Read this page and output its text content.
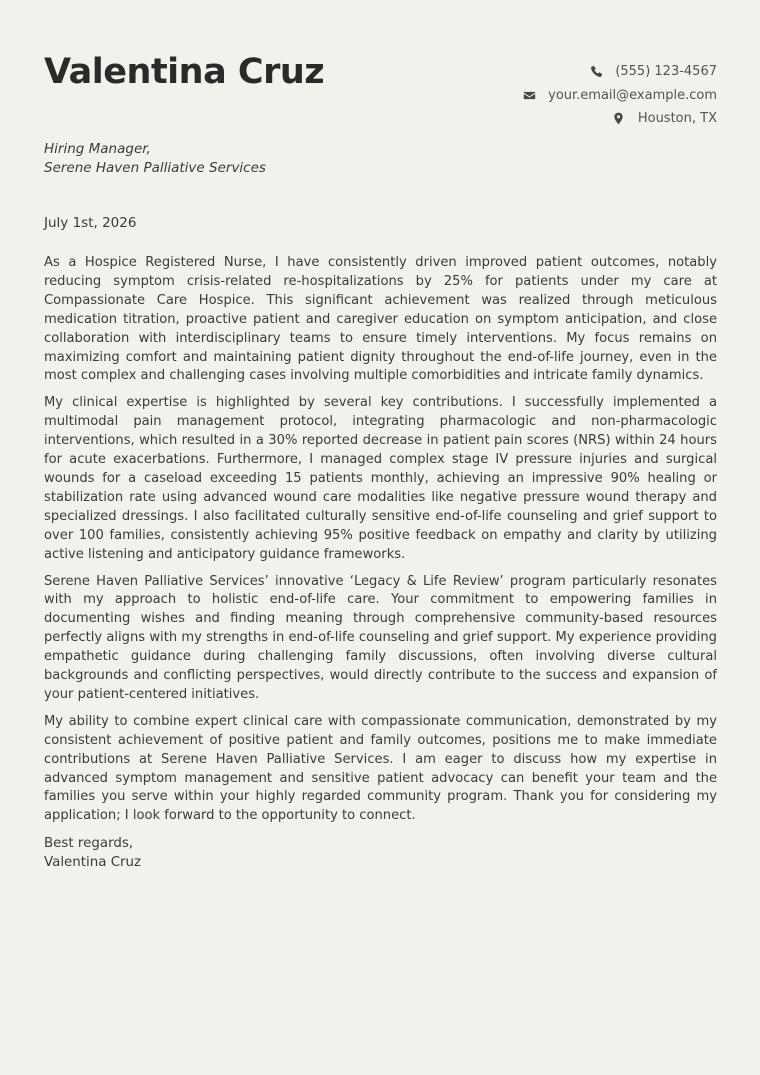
Valentina Cruz	(555) 123-4567
your.email@example.com
Houston, TX
Hiring Manager,
Serene Haven Palliative Services
July 1st, 2026

As a Hospice Registered Nurse, I have consistently driven improved patient outcomes, notably reducing symptom crisis-related re-hospitalizations by 25% for patients under my care at Compassionate Care Hospice. This significant achievement was realized through meticulous medication titration, proactive patient and caregiver education on symptom anticipation, and close collaboration with interdisciplinary teams to ensure timely interventions. My focus remains on maximizing comfort and maintaining patient dignity throughout the end-of-life journey, even in the most complex and challenging cases involving multiple comorbidities and intricate family dynamics.

My clinical expertise is highlighted by several key contributions. I successfully implemented a multimodal pain management protocol, integrating pharmacologic and non-pharmacologic interventions, which resulted in a 30% reported decrease in patient pain scores (NRS) within 24 hours for acute exacerbations. Furthermore, I managed complex stage IV pressure injuries and surgical wounds for a caseload exceeding 15 patients monthly, achieving an impressive 90% healing or stabilization rate using advanced wound care modalities like negative pressure wound therapy and specialized dressings. I also facilitated culturally sensitive end-of-life counseling and grief support to over 100 families, consistently achieving 95% positive feedback on empathy and clarity by utilizing active listening and anticipatory guidance frameworks.

Serene Haven Palliative Services’ innovative ‘Legacy & Life Review’ program particularly resonates with my approach to holistic end-of-life care. Your commitment to empowering families in documenting wishes and finding meaning through comprehensive community-based resources perfectly aligns with my strengths in end-of-life counseling and grief support. My experience providing empathetic guidance during challenging family discussions, often involving diverse cultural backgrounds and conflicting perspectives, would directly contribute to the success and expansion of your patient-centered initiatives.

My ability to combine expert clinical care with compassionate communication, demonstrated by my consistent achievement of positive patient and family outcomes, positions me to make immediate contributions at Serene Haven Palliative Services. I am eager to discuss how my expertise in advanced symptom management and sensitive patient advocacy can benefit your team and the families you serve within your highly regarded community program. Thank you for considering my application; I look forward to the opportunity to connect.

Best regards,
Valentina Cruz
